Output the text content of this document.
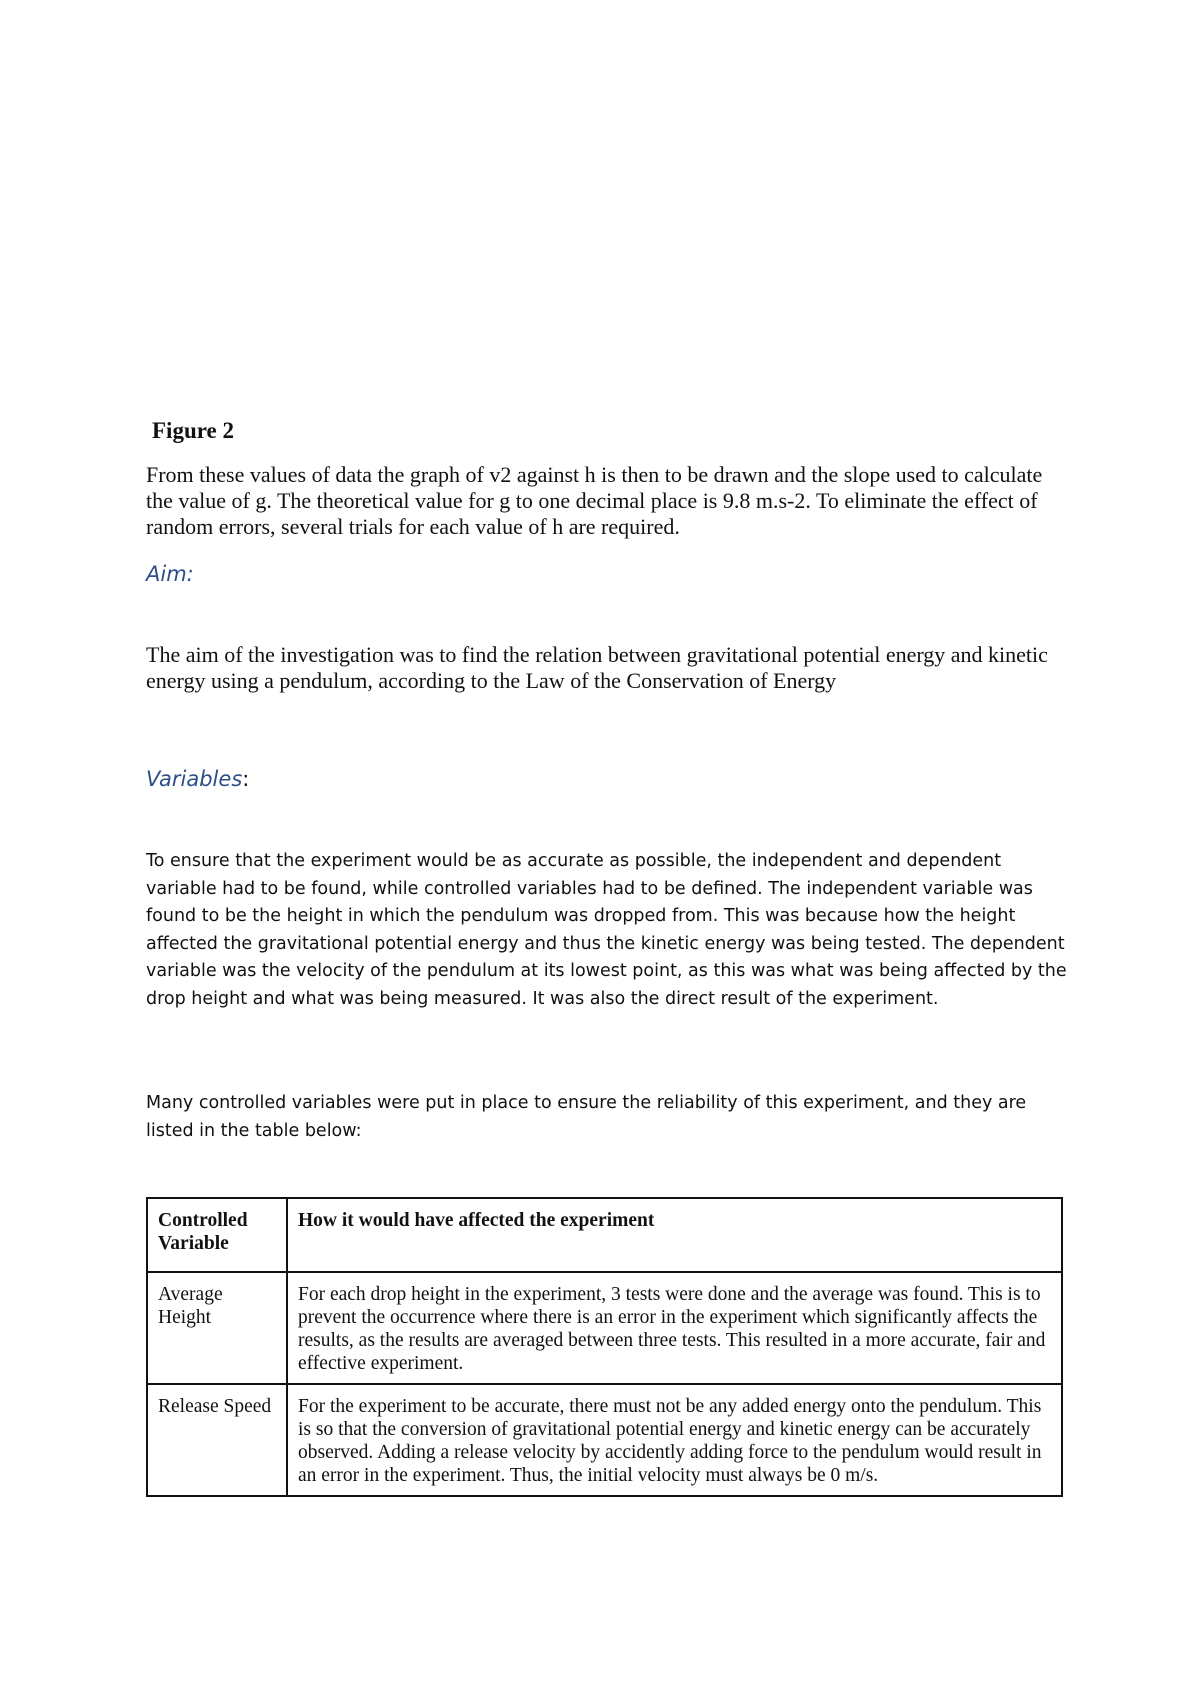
Figure 2
From these values of data the graph of v2 against h is then to be drawn and the slope used to calculate the value of g. The theoretical value for g to one decimal place is 9.8 m.s-2. To eliminate the effect of random errors, several trials for each value of h are required.
Aim:
The aim of the investigation was to find the relation between gravitational potential energy and kinetic energy using a pendulum, according to the Law of the Conservation of Energy
Variables:
To ensure that the experiment would be as accurate as possible, the independent and dependent variable had to be found, while controlled variables had to be defined. The independent variable was found to be the height in which the pendulum was dropped from. This was because how the height affected the gravitational potential energy and thus the kinetic energy was being tested. The dependent variable was the velocity of the pendulum at its lowest point, as this was what was being affected by the drop height and what was being measured. It was also the direct result of the experiment.
Many controlled variables were put in place to ensure the reliability of this experiment, and they are listed in the table below:
Controlled Variable	How it would have affected the experiment
Average Height	For each drop height in the experiment, 3 tests were done and the average was found. This is to prevent the occurrence where there is an error in the experiment which significantly affects the results, as the results are averaged between three tests. This resulted in a more accurate, fair and effective experiment.
Release Speed	For the experiment to be accurate, there must not be any added energy onto the pendulum. This is so that the conversion of gravitational potential energy and kinetic energy can be accurately observed. Adding a release velocity by accidently adding force to the pendulum would result in an error in the experiment. Thus, the initial velocity must always be 0 m/s.
